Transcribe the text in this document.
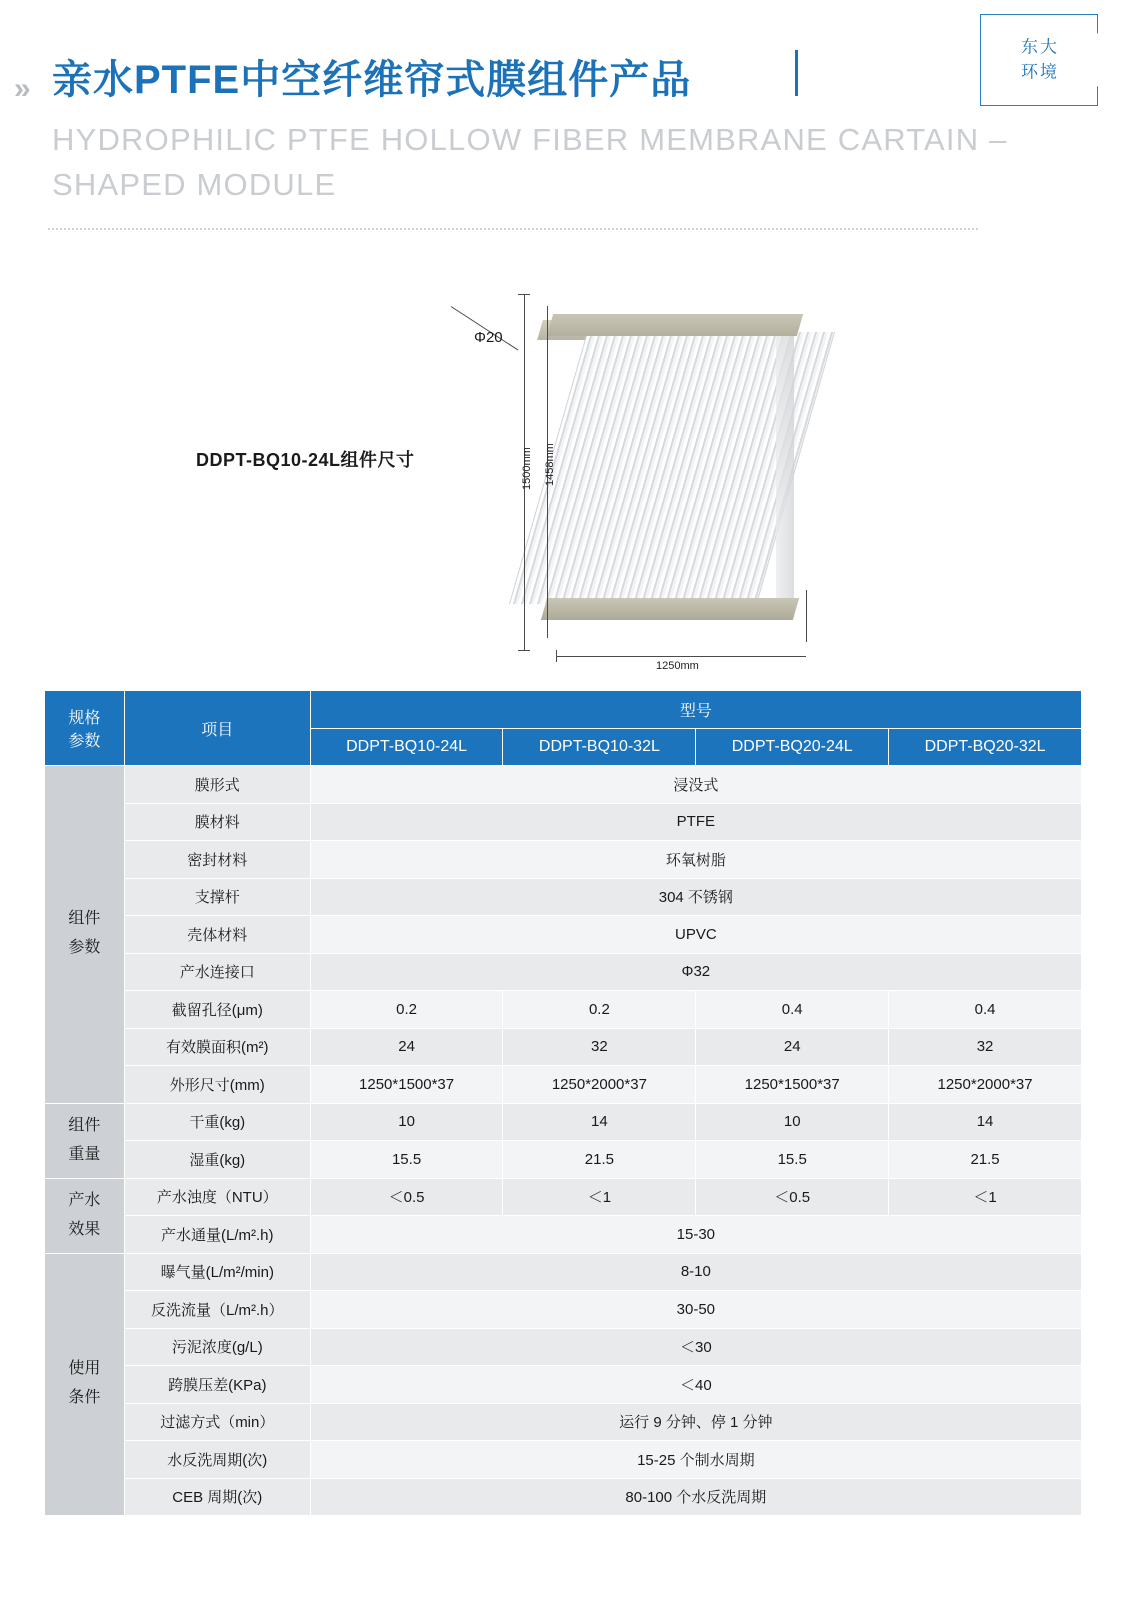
» 亲水PTFE中空纤维帘式膜组件产品
HYDROPHILIC PTFE HOLLOW FIBER MEMBRANE CARTAIN –SHAPED MODULE
东大
环境
DDPT-BQ10-24L组件尺寸
Φ20
1500mm 1458mm
1250mm
规格
参数	项目	型号			
		DDPT-BQ10-24L	DDPT-BQ10-32L	DDPT-BQ20-24L	DDPT-BQ20-32L

组件
参数	膜形式	浸没式			
	膜材料	PTFE			
	密封材料	环氧树脂			
	支撑杆	304 不锈钢			
	壳体材料	UPVC			
	产水连接口	Φ32			
	截留孔径(μm)	0.2	0.2	0.4	0.4
	有效膜面积(m²)	24	32	24	32
	外形尺寸(mm)	1250*1500*37	1250*2000*37	1250*1500*37	1250*2000*37

组件
重量	干重(kg)	10	14	10	14
	湿重(kg)	15.5	21.5	15.5	21.5

产水
效果	产水浊度（NTU）	＜0.5	＜1	＜0.5	＜1
	产水通量(L/m².h)	15-30			

使用
条件	曝气量(L/m²/min)	8-10			
	反洗流量（L/m².h）	30-50			
	污泥浓度(g/L)	＜30			
	跨膜压差(KPa)	＜40			
	过滤方式（min）	运行 9 分钟、停 1 分钟			
	水反洗周期(次)	15-25 个制水周期			
	CEB 周期(次)	80-100 个水反洗周期			
